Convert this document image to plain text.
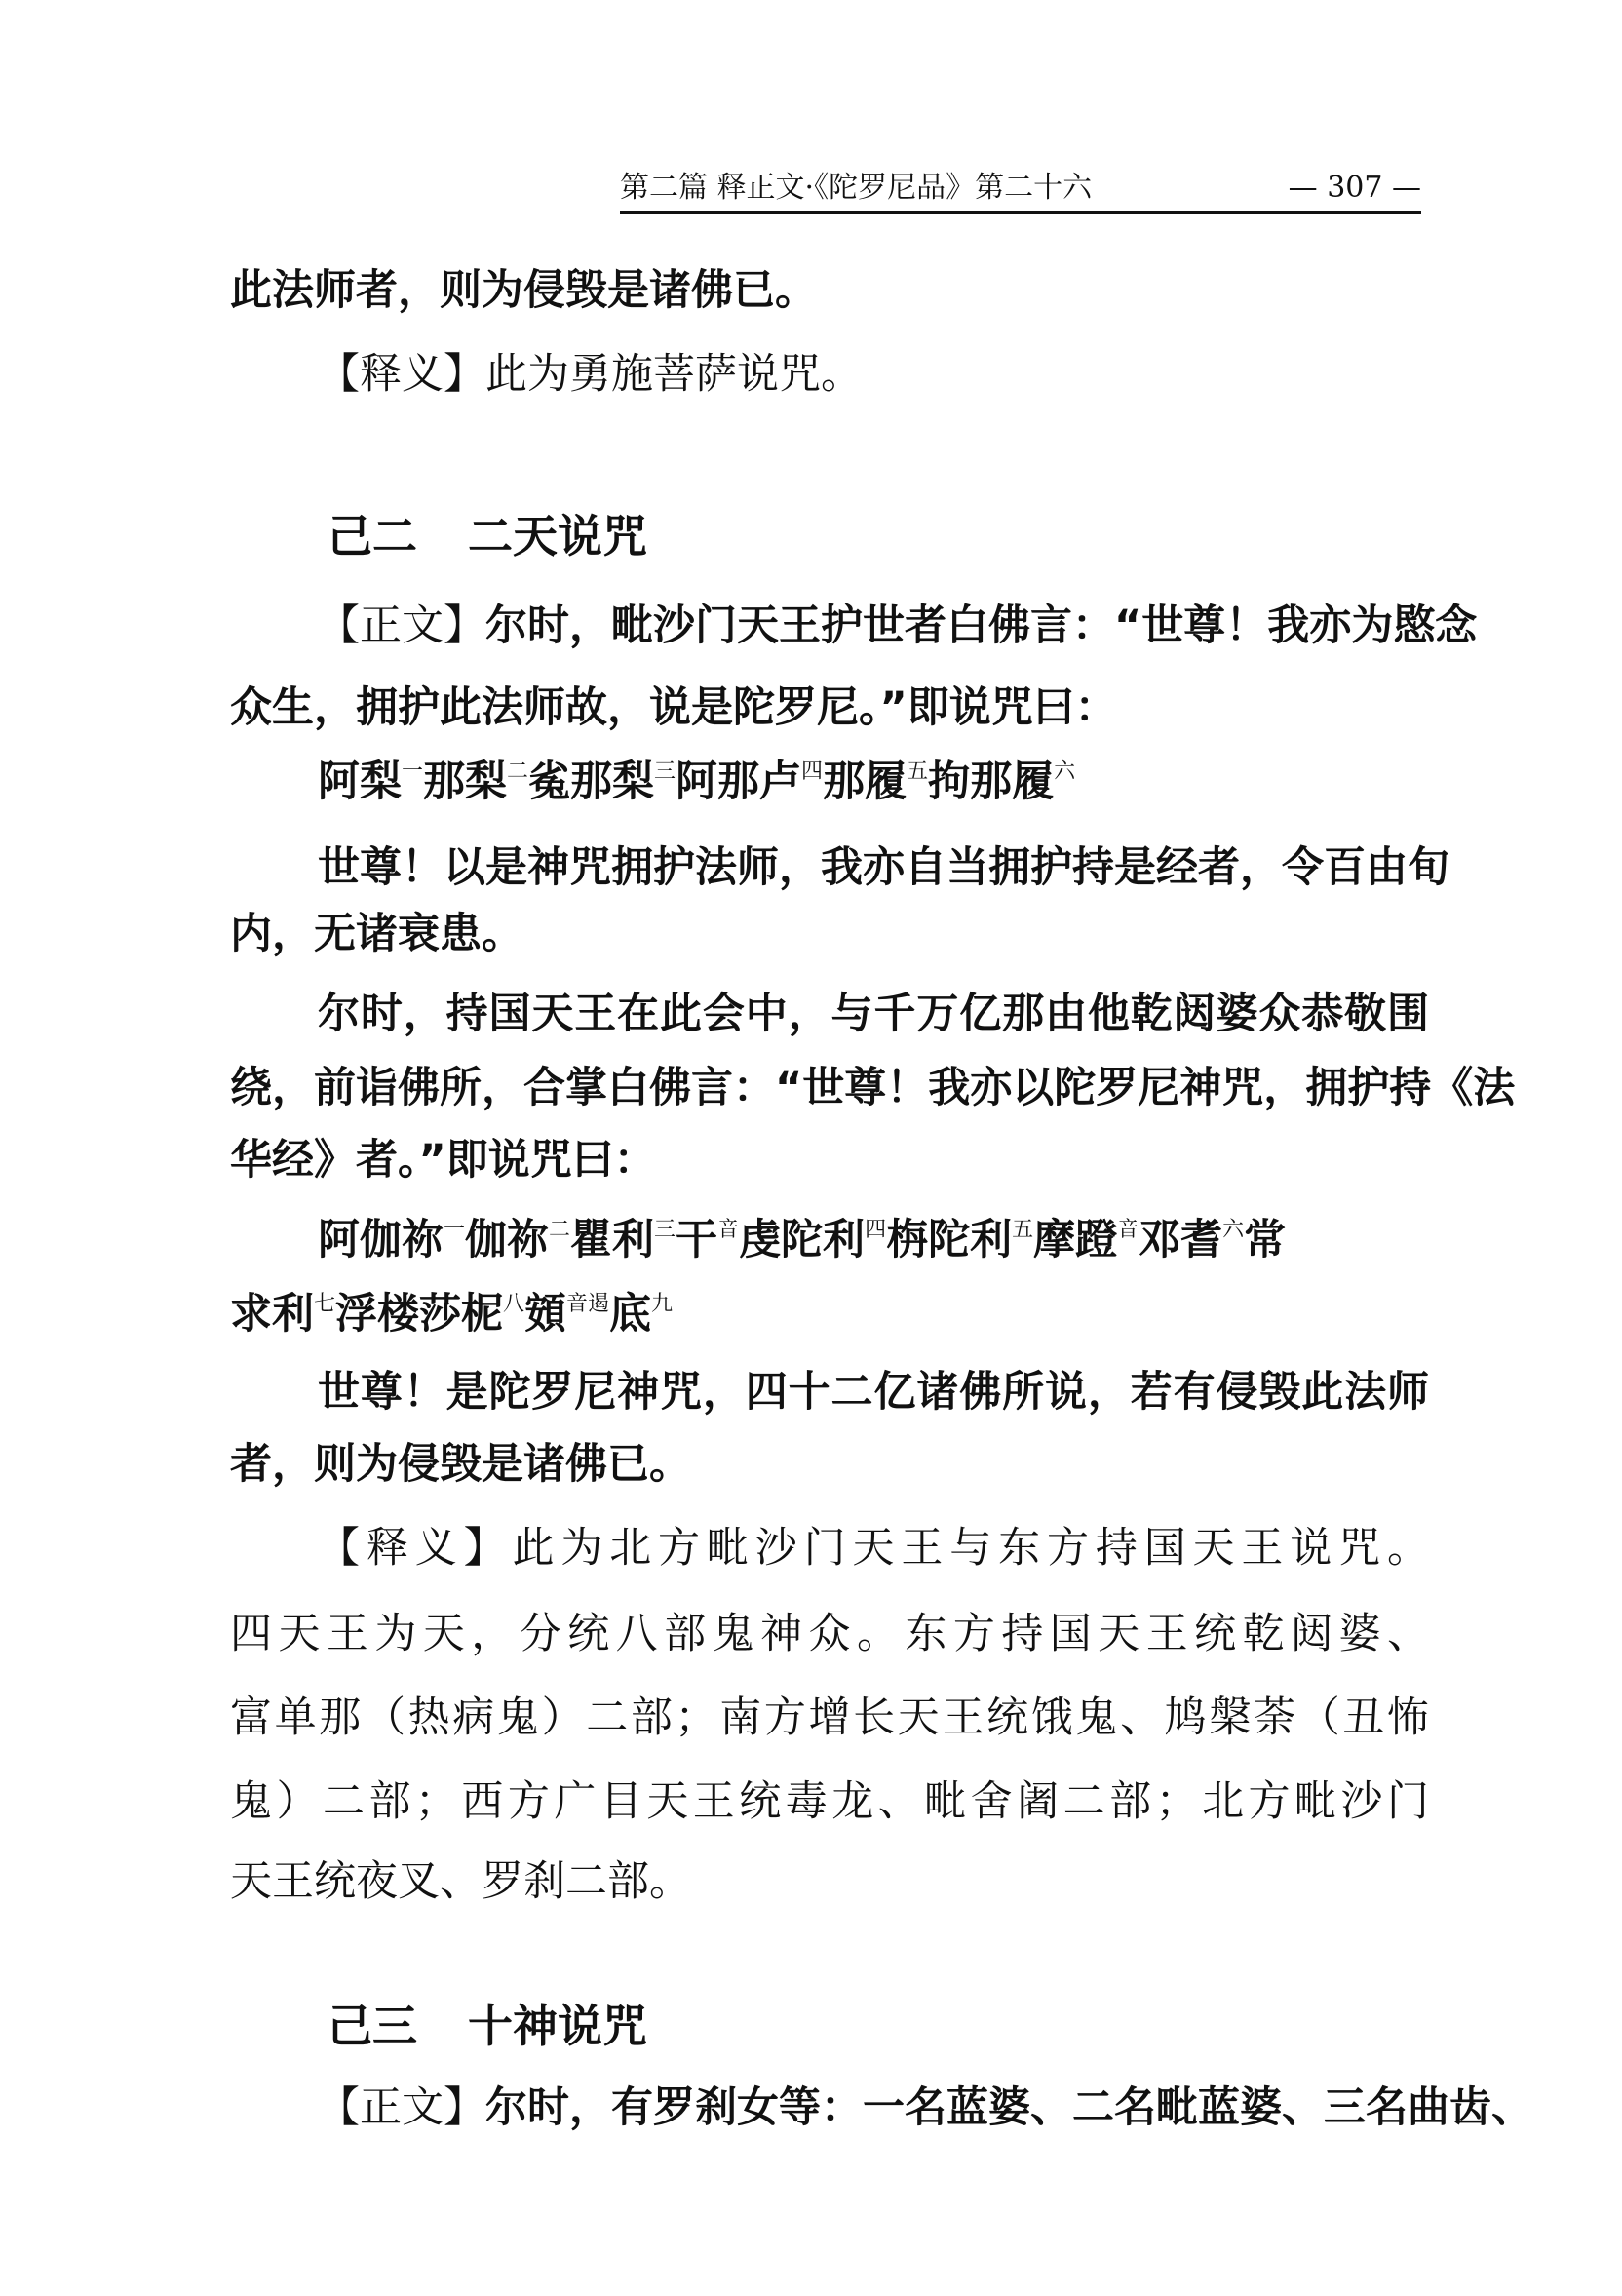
第二篇 释正文·《陀罗尼品》第二十六	— 307 —
此法师者，则为侵毁是诸佛已。
【释义】此为勇施菩萨说咒。
己二 二天说咒
【正文】尔时，毗沙门天王护世者白佛言：“世尊！我亦为愍念
众生，拥护此法师故，说是陀罗尼。”即说咒曰：
阿梨$^一$那梨$^二$㝹那梨$^三$阿那卢$^四$那履$^五$拘那履$^六$
世尊！以是神咒拥护法师，我亦自当拥护持是经者，令百由旬
内，无诸衰患。
尔时，持国天王在此会中，与千万亿那由他乾闼婆众恭敬围
绕，前诣佛所，合掌白佛言：“世尊！我亦以陀罗尼神咒，拥护持《法
华经》者。”即说咒曰：
阿伽祢$^一$伽祢$^二$瞿利$^三$干$^音$虔陀利$^四$栴陀利$^五$摩蹬$^音$邓耆$^六$常
求利$^七$浮楼莎柅$^八$頞$^{音遏}$底$^九$
世尊！是陀罗尼神咒，四十二亿诸佛所说，若有侵毁此法师
者，则为侵毁是诸佛已。
【释义】此为北方毗沙门天王与东方持国天王说咒。
四天王为天，分统八部鬼神众。东方持国天王统乾闼婆、
富单那（热病鬼）二部；南方增长天王统饿鬼、鸠槃荼（丑怖
鬼）二部；西方广目天王统毒龙、毗舍阇二部；北方毗沙门
天王统夜叉、罗刹二部。
己三 十神说咒
【正文】尔时，有罗刹女等：一名蓝婆、二名毗蓝婆、三名曲齿、
